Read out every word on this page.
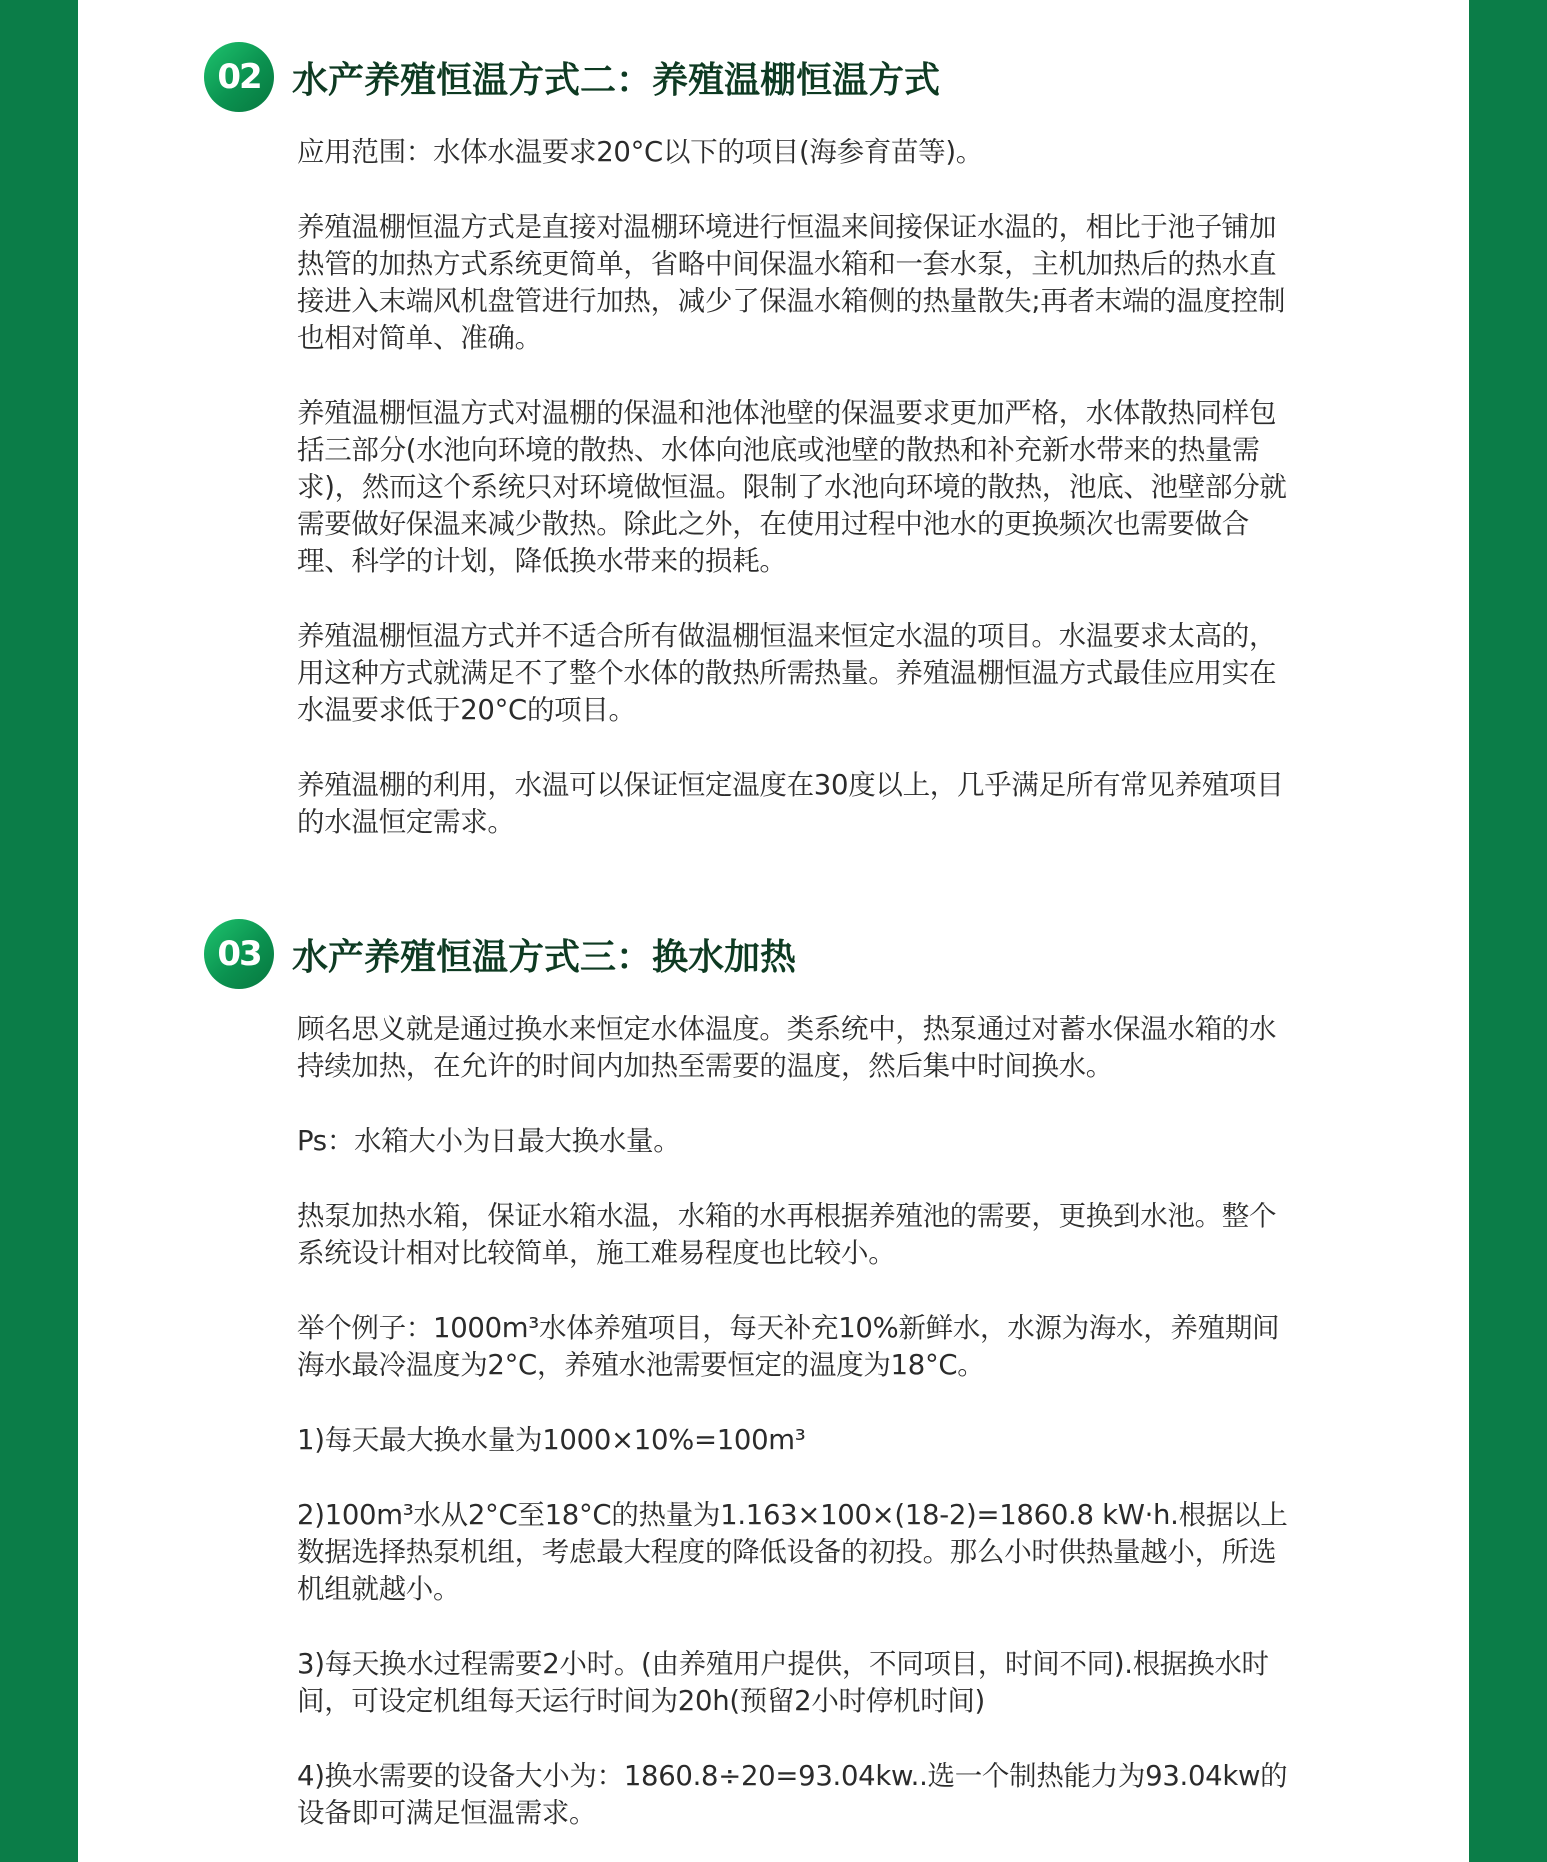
02 水产养殖恒温方式二：养殖温棚恒温方式

应用范围：水体水温要求20°C以下的项目(海参育苗等)。

养殖温棚恒温方式是直接对温棚环境进行恒温来间接保证水温的，相比于池子铺加热管的加热方式系统更简单，省略中间保温水箱和一套水泵，主机加热后的热水直接进入末端风机盘管进行加热，减少了保温水箱侧的热量散失;再者末端的温度控制也相对简单、准确。

养殖温棚恒温方式对温棚的保温和池体池壁的保温要求更加严格，水体散热同样包括三部分(水池向环境的散热、水体向池底或池壁的散热和补充新水带来的热量需求)，然而这个系统只对环境做恒温。限制了水池向环境的散热，池底、池壁部分就需要做好保温来减少散热。除此之外，在使用过程中池水的更换频次也需要做合理、科学的计划，降低换水带来的损耗。

养殖温棚恒温方式并不适合所有做温棚恒温来恒定水温的项目。水温要求太高的，用这种方式就满足不了整个水体的散热所需热量。养殖温棚恒温方式最佳应用实在水温要求低于20°C的项目。

养殖温棚的利用，水温可以保证恒定温度在30度以上，几乎满足所有常见养殖项目的水温恒定需求。

03 水产养殖恒温方式三：换水加热

顾名思义就是通过换水来恒定水体温度。类系统中，热泵通过对蓄水保温水箱的水持续加热，在允许的时间内加热至需要的温度，然后集中时间换水。

Ps：水箱大小为日最大换水量。

热泵加热水箱，保证水箱水温，水箱的水再根据养殖池的需要，更换到水池。整个系统设计相对比较简单，施工难易程度也比较小。

举个例子：1000m³水体养殖项目，每天补充10%新鲜水，水源为海水，养殖期间海水最冷温度为2°C，养殖水池需要恒定的温度为18°C。

1)每天最大换水量为1000×10%=100m³

2)100m³水从2°C至18°C的热量为1.163×100×(18-2)=1860.8 kW·h.根据以上数据选择热泵机组，考虑最大程度的降低设备的初投。那么小时供热量越小，所选机组就越小。

3)每天换水过程需要2小时。(由养殖用户提供，不同项目，时间不同).根据换水时间，可设定机组每天运行时间为20h(预留2小时停机时间)

4)换水需要的设备大小为：1860.8÷20=93.04kw..选一个制热能力为93.04kw的设备即可满足恒温需求。
